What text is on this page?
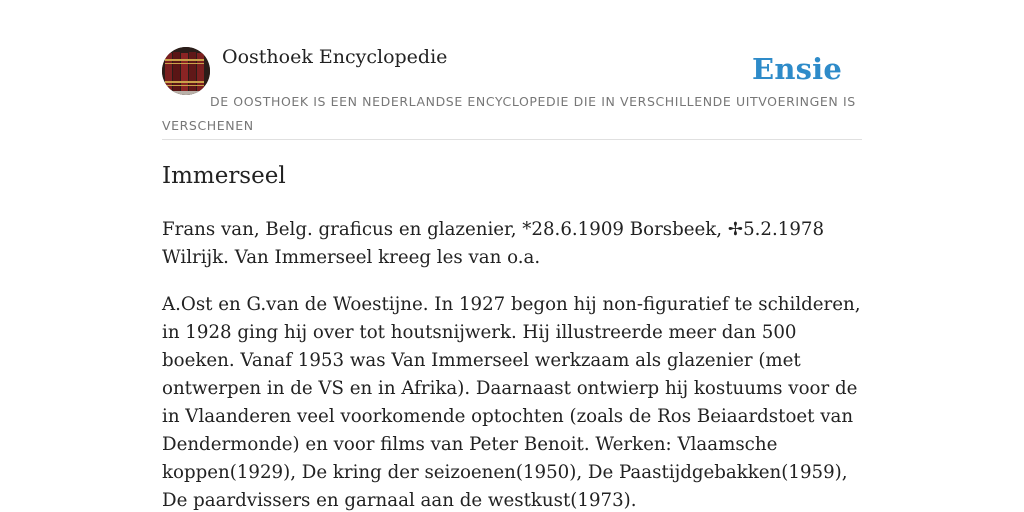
Oosthoek Encyclopedie	Ensie
DE OOSTHOEK IS EEN NEDERLANDSE ENCYCLOPEDIE DIE IN VERSCHILLENDE UITVOERINGEN IS VERSCHENEN
Immerseel

Frans van, Belg. graficus en glazenier, *28.6.1909 Borsbeek, ✢5.2.1978 Wilrijk. Van Immerseel kreeg les van o.a.

A.Ost en G.van de Woestijne. In 1927 begon hij non-figuratief te schilderen, in 1928 ging hij over tot houtsnijwerk. Hij illustreerde meer dan 500 boeken. Vanaf 1953 was Van Immerseel werkzaam als glazenier (met ontwerpen in de VS en in Afrika). Daarnaast ontwierp hij kostuums voor de in Vlaanderen veel voorkomende optochten (zoals de Ros Beiaardstoet van Dendermonde) en voor films van Peter Benoit. Werken: Vlaamsche koppen(1929), De kring der seizoenen(1950), De Paastijdgebakken(1959), De paardvissers en garnaal aan de westkust(1973).
